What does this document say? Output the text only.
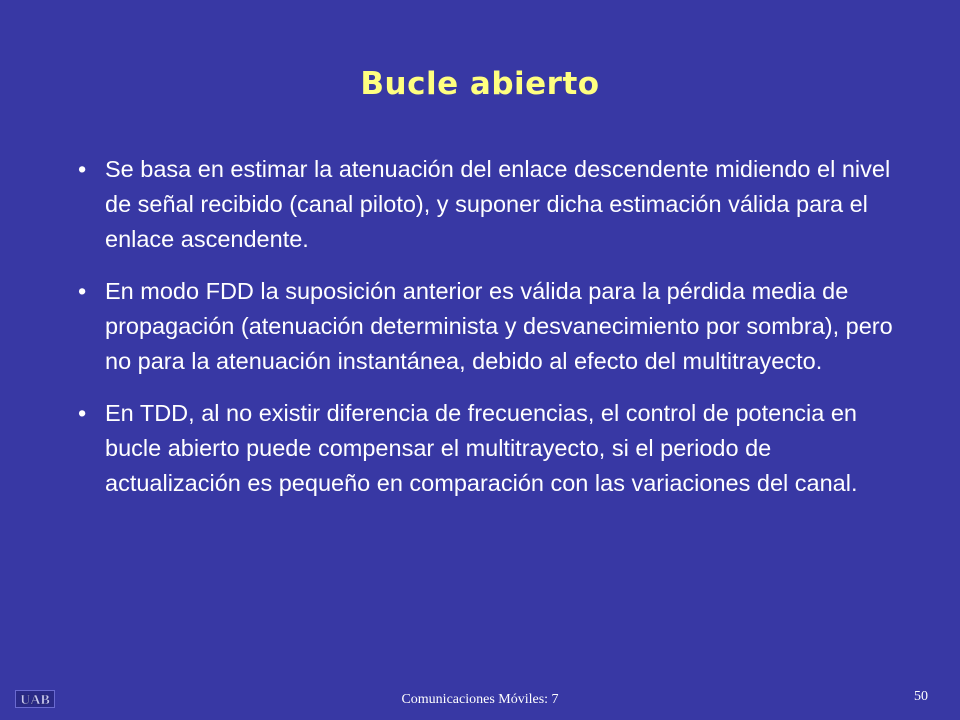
Bucle abierto
• Se basa en estimar la atenuación del enlace descendente midiendo el nivel de señal recibido (canal piloto), y suponer dicha estimación válida para el enlace ascendente.
• En modo FDD la suposición anterior es válida para la pérdida media de propagación (atenuación determinista y desvanecimiento por sombra), pero no para la atenuación instantánea, debido al efecto del multitrayecto.
• En TDD, al no existir diferencia de frecuencias, el control de potencia en bucle abierto puede compensar el multitrayecto, si el periodo de actualización es pequeño en comparación con las variaciones del canal.
UAB	Comunicaciones Móviles: 7	50
